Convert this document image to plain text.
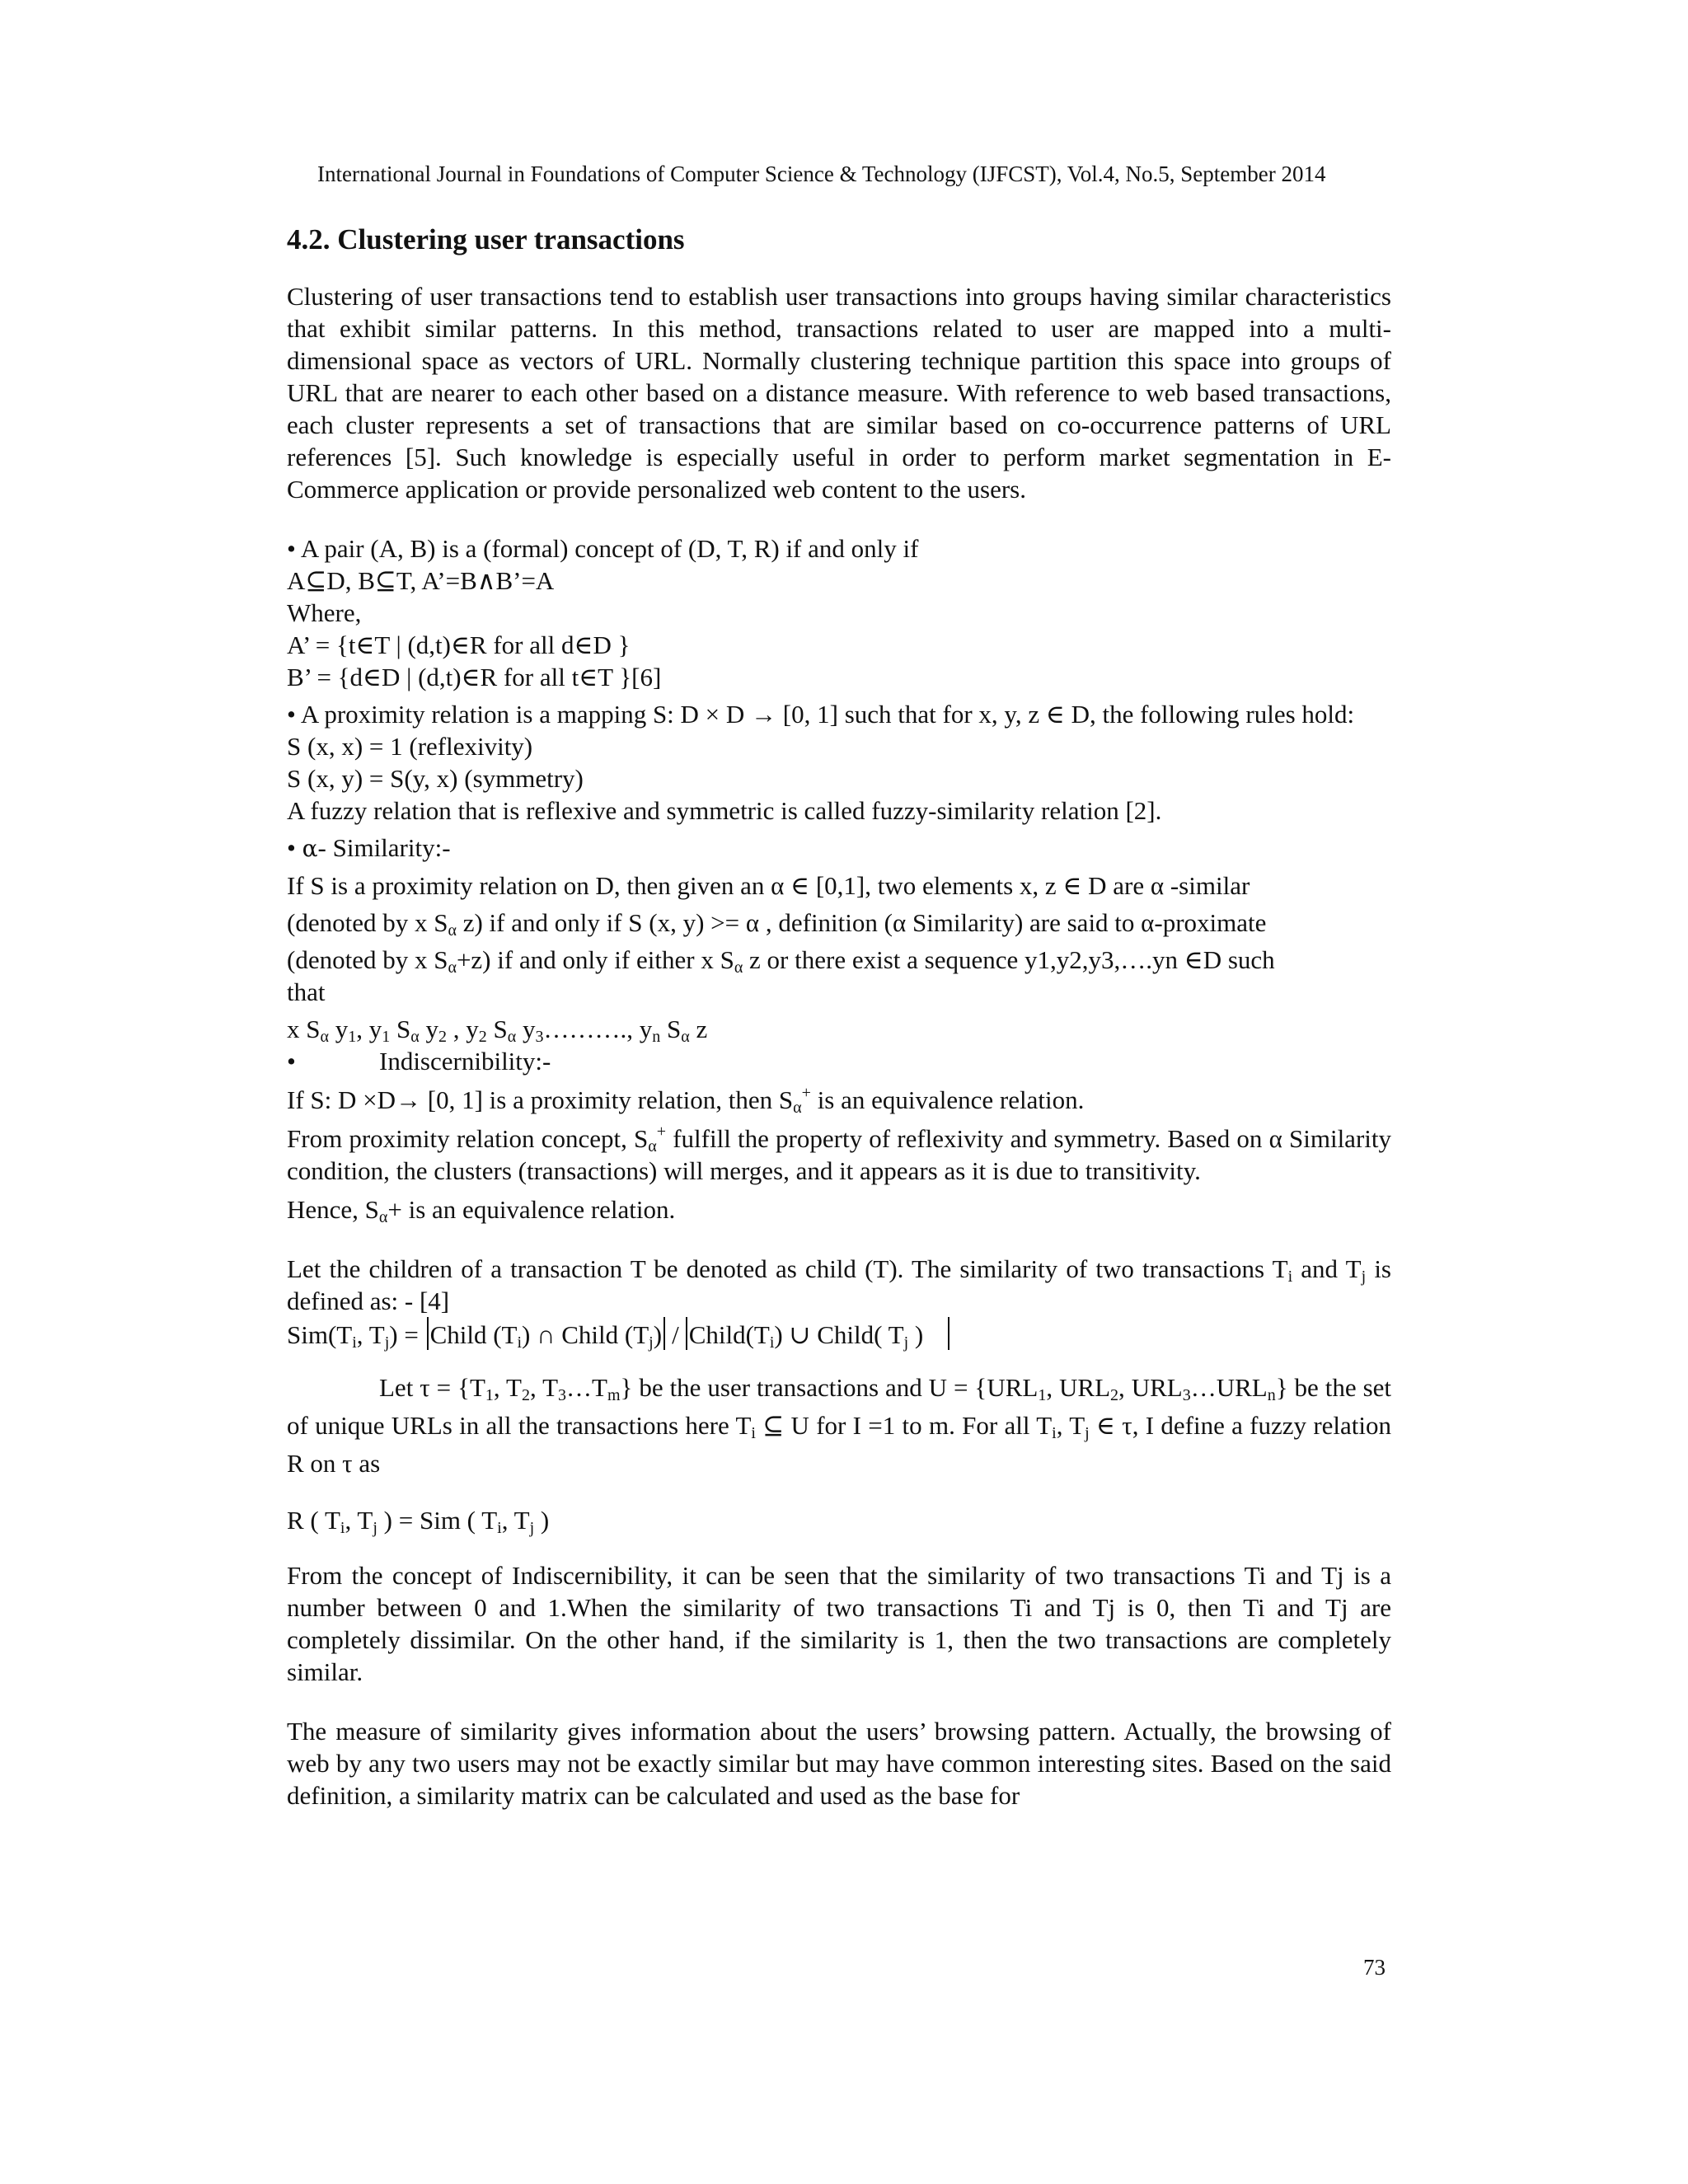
International Journal in Foundations of Computer Science & Technology (IJFCST), Vol.4, No.5, September 2014
4.2. Clustering user transactions

Clustering of user transactions tend to establish user transactions into groups having similar characteristics that exhibit similar patterns. In this method, transactions related to user are mapped into a multi-dimensional space as vectors of URL. Normally clustering technique partition this space into groups of URL that are nearer to each other based on a distance measure. With reference to web based transactions, each cluster represents a set of transactions that are similar based on co-occurrence patterns of URL references [5]. Such knowledge is especially useful in order to perform market segmentation in E-Commerce application or provide personalized web content to the users.

• A pair (A, B) is a (formal) concept of (D, T, R) if and only if

A⊆D, B⊆T, A’=B∧B’=A

Where,

A’ = {t∈T | (d,t)∈R for all d∈D }

B’ = {d∈D | (d,t)∈R for all t∈T }[6]

• A proximity relation is a mapping S: D × D → [0, 1] such that for x, y, z ∈ D, the following rules hold:

S (x, x) = 1 (reflexivity)

S (x, y) = S(y, x) (symmetry)

A fuzzy relation that is reflexive and symmetric is called fuzzy-similarity relation [2].

• α- Similarity:-

If S is a proximity relation on D, then given an α ∈ [0,1], two elements x, z ∈ D are α -similar

(denoted by x $S_\alpha$ z) if and only if S (x, y) >= α , definition (α Similarity) are said to α-proximate

(denoted by x $S_\alpha+z$) if and only if either x $S_\alpha$ z or there exist a sequence y1,y2,y3,….yn ∈D such

that

x $S_\alpha$ $y_1$, $y_1$ $S_\alpha$ $y_2$ , $y_2$ $S_\alpha$ $y_3\dots\dots\dots$., $y_n$ $S_\alpha$ z

•	Indiscernibility:-

If S: D ×D→ [0, 1] is a proximity relation, then $S_\alpha^+$ is an equivalence relation.

From proximity relation concept, $S_\alpha^+$ fulfill the property of reflexivity and symmetry. Based on α Similarity condition, the clusters (transactions) will merges, and it appears as it is due to transitivity.

Hence, $S_\alpha+$ is an equivalence relation.

Let the children of a transaction T be denoted as child (T). The similarity of two transactions $T_i$ and $T_j$ is defined as: - [4]

$Sim(T_i$, $T_j$) = Child $(T_i)$ ∩ Child $(T_j)$ / $Child(T_i)$ ∪ Child( $T_j$ )

Let $\tau = \{T_1$, $T_2$, $T_3\dots T_m$} be the user transactions and $U = \{URL_1$, $URL_2$, $URL_3\dots URL_n$} be the set of unique URLs in all the transactions here $T_i$ ⊆ U for I =1 to m. For all $T_i$, $T_j$ ∈ τ, I define a fuzzy relation R on τ as

R ( $T_i$, $T_j$ ) = Sim ( $T_i$, $T_j$ )

From the concept of Indiscernibility, it can be seen that the similarity of two transactions Ti and Tj is a number between 0 and 1.When the similarity of two transactions Ti and Tj is 0, then Ti and Tj are completely dissimilar. On the other hand, if the similarity is 1, then the two transactions are completely similar.

The measure of similarity gives information about the users’ browsing pattern. Actually, the browsing of web by any two users may not be exactly similar but may have common interesting sites. Based on the said definition, a similarity matrix can be calculated and used as the base for

73
